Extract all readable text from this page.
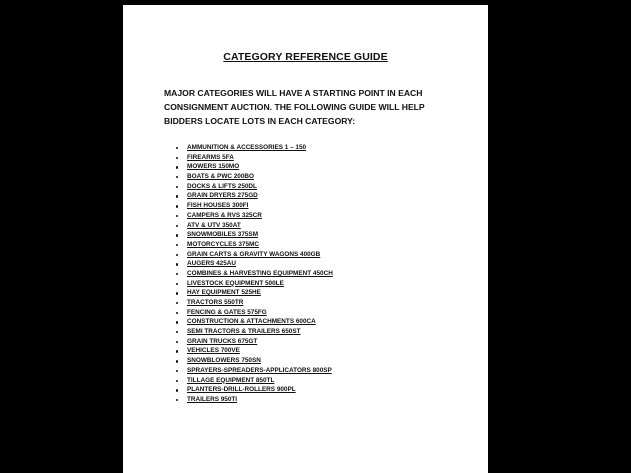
CATEGORY REFERENCE GUIDE
MAJOR CATEGORIES WILL HAVE A STARTING POINT IN EACH CONSIGNMENT AUCTION. THE FOLLOWING GUIDE WILL HELP BIDDERS LOCATE LOTS IN EACH CATEGORY:
AMMUNITION & ACCESSORIES 1 – 150
FIREARMS 5FA
MOWERS 150MO
BOATS & PWC 200BO
DOCKS & LIFTS 250DL
GRAIN DRYERS 275GD
FISH HOUSES 300FI
CAMPERS & RVS 325CR
ATV & UTV 350AT
SNOWMOBILES 375SM
MOTORCYCLES 375MC
GRAIN CARTS & GRAVITY WAGONS 400GB
AUGERS 425AU
COMBINES & HARVESTING EQUIPMENT 450CH
LIVESTOCK EQUIPMENT 500LE
HAY EQUIPMENT 525HE
TRACTORS 550TR
FENCING & GATES 575FG
CONSTRUCTION & ATTACHMENTS 600CA
SEMI TRACTORS & TRAILERS 650ST
GRAIN TRUCKS 675GT
VEHICLES 700VE
SNOWBLOWERS 750SN
SPRAYERS-SPREADERS-APPLICATORS 800SP
TILLAGE EQUIPMENT 850TL
PLANTERS-DRILL-ROLLERS 900PL
TRAILERS 950TI
